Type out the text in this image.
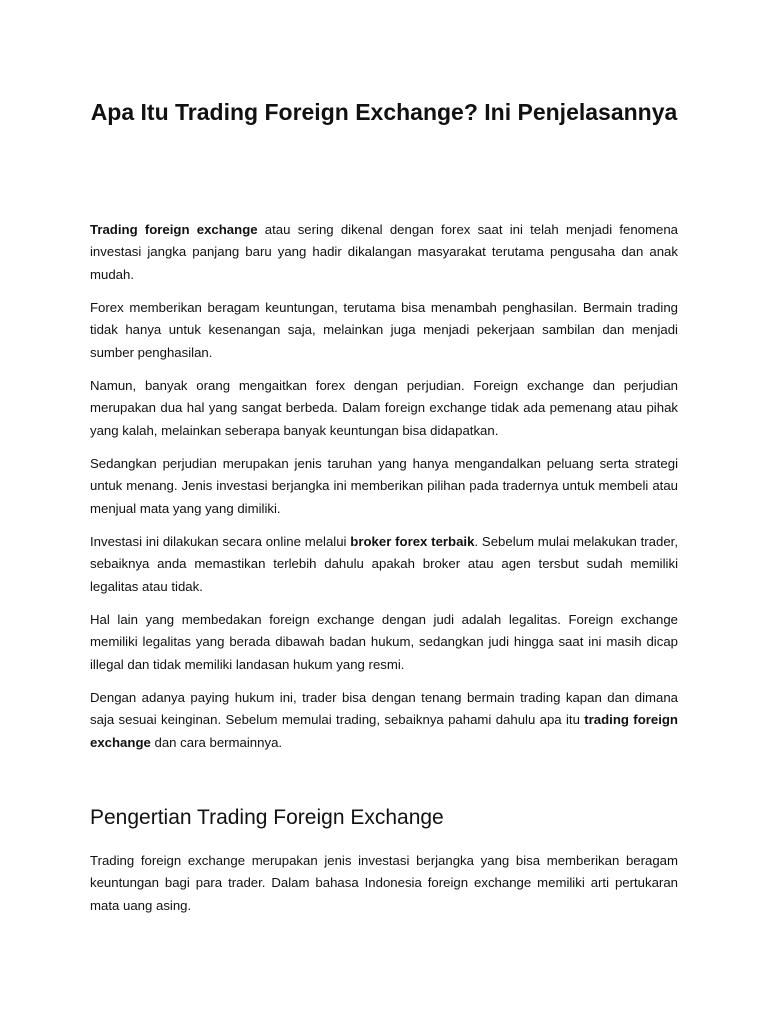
Apa Itu Trading Foreign Exchange? Ini Penjelasannya

Trading foreign exchange atau sering dikenal dengan forex saat ini telah menjadi fenomena investasi jangka panjang baru yang hadir dikalangan masyarakat terutama pengusaha dan anak mudah.

Forex memberikan beragam keuntungan, terutama bisa menambah penghasilan. Bermain trading tidak hanya untuk kesenangan saja, melainkan juga menjadi pekerjaan sambilan dan menjadi sumber penghasilan.

Namun, banyak orang mengaitkan forex dengan perjudian. Foreign exchange dan perjudian merupakan dua hal yang sangat berbeda. Dalam foreign exchange tidak ada pemenang atau pihak yang kalah, melainkan seberapa banyak keuntungan bisa didapatkan.

Sedangkan perjudian merupakan jenis taruhan yang hanya mengandalkan peluang serta strategi untuk menang. Jenis investasi berjangka ini memberikan pilihan pada tradernya untuk membeli atau menjual mata yang yang dimiliki.

Investasi ini dilakukan secara online melalui broker forex terbaik. Sebelum mulai melakukan trader, sebaiknya anda memastikan terlebih dahulu apakah broker atau agen tersbut sudah memiliki legalitas atau tidak.

Hal lain yang membedakan foreign exchange dengan judi adalah legalitas. Foreign exchange memiliki legalitas yang berada dibawah badan hukum, sedangkan judi hingga saat ini masih dicap illegal dan tidak memiliki landasan hukum yang resmi.

Dengan adanya paying hukum ini, trader bisa dengan tenang bermain trading kapan dan dimana saja sesuai keinginan. Sebelum memulai trading, sebaiknya pahami dahulu apa itu trading foreign exchange dan cara bermainnya.

Pengertian Trading Foreign Exchange

Trading foreign exchange merupakan jenis investasi berjangka yang bisa memberikan beragam keuntungan bagi para trader. Dalam bahasa Indonesia foreign exchange memiliki arti pertukaran mata uang asing.
